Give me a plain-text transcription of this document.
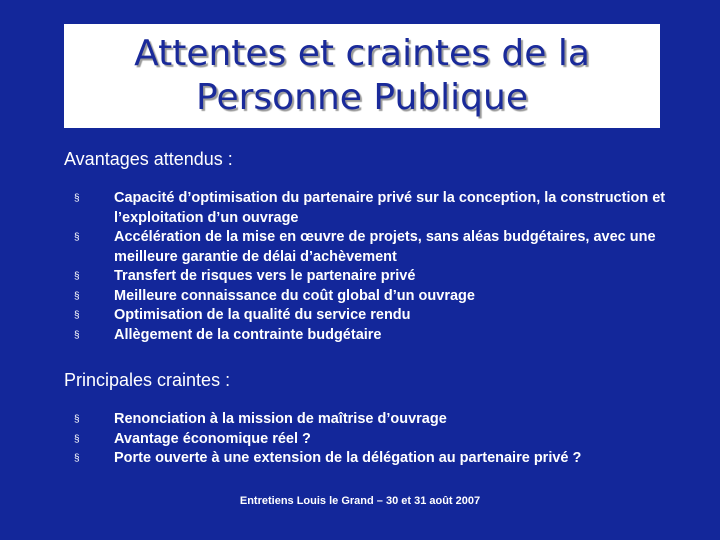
Attentes et craintes de la
Personne Publique
Avantages attendus :
§	Capacité d’optimisation du partenaire privé sur la conception, la construction et l’exploitation d’un ouvrage
§	Accélération de la mise en œuvre de projets, sans aléas budgétaires, avec une meilleure garantie de délai d’achèvement
§	Transfert de risques vers le partenaire privé
§	Meilleure connaissance du coût global d’un ouvrage
§	Optimisation de la qualité du service rendu
§	Allègement de la contrainte budgétaire
Principales craintes :
§	Renonciation à la mission de maîtrise d’ouvrage
§	Avantage économique réel ?
§	Porte ouverte à une extension de la délégation au partenaire privé ?
Entretiens Louis le Grand – 30 et 31 août 2007
